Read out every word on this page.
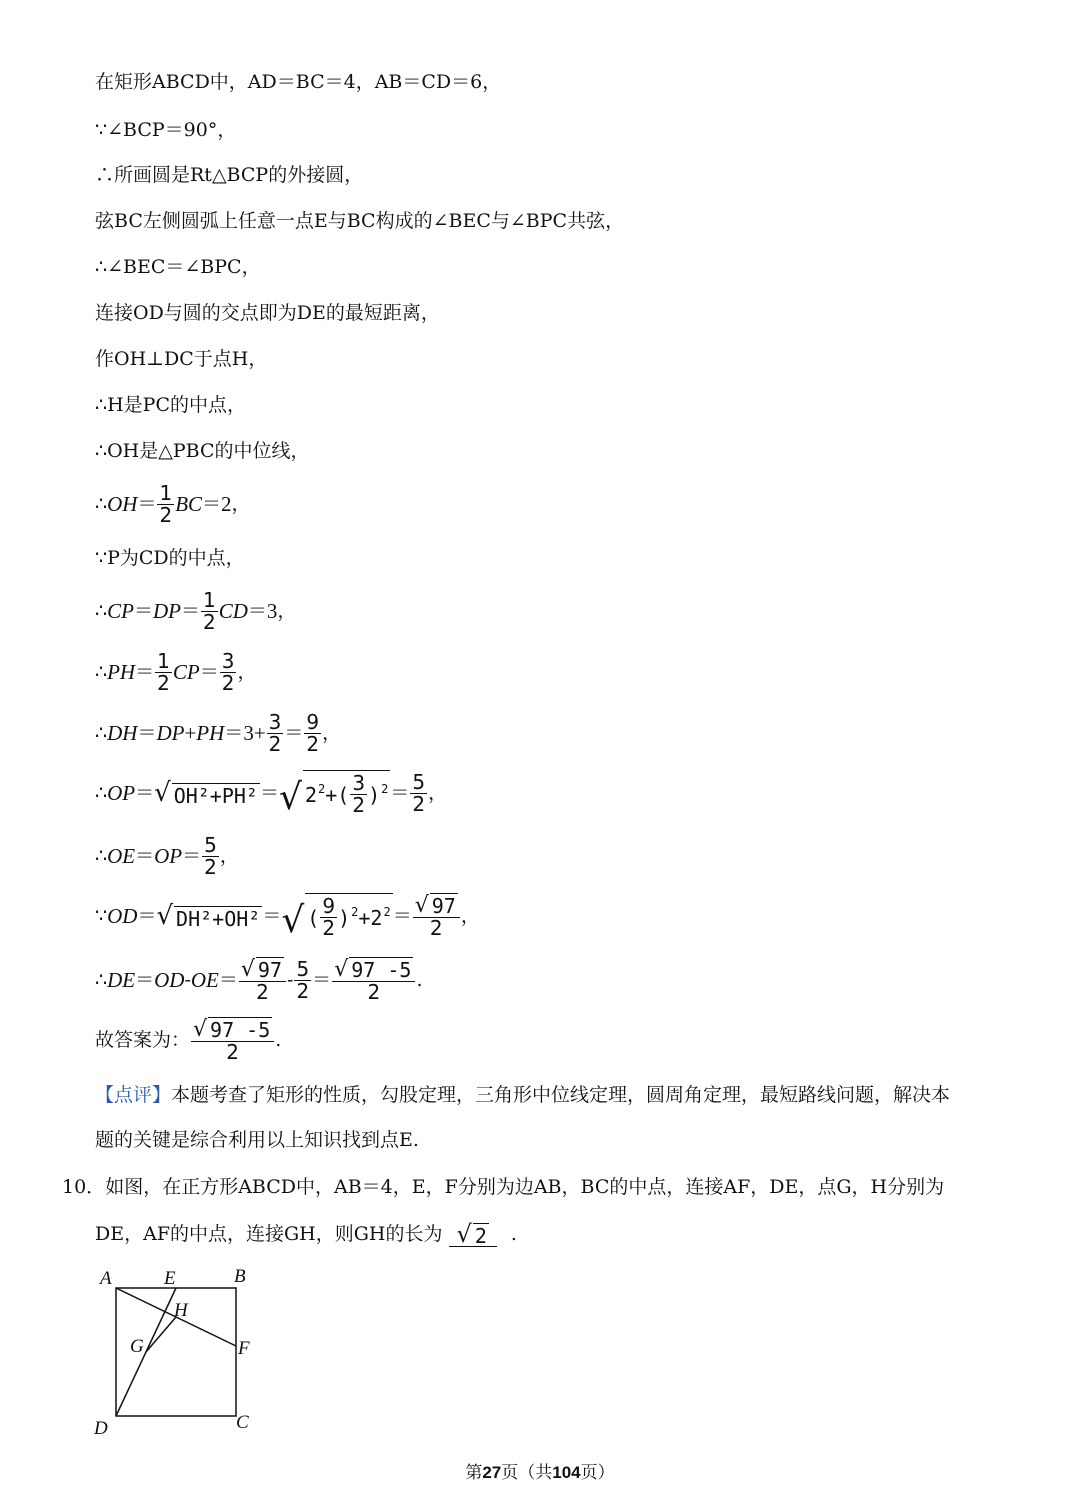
在矩形ABCD中，AD＝BC＝4，AB＝CD＝6，
∵∠BCP＝90°，
∴所画圆是Rt△BCP的外接圆，
弦BC左侧圆弧上任意一点E与BC构成的∠BEC与∠BPC共弦，
∴∠BEC＝∠BPC，
连接OD与圆的交点即为DE的最短距离，
作OH⊥DC于点H，
∴H是PC的中点，
∴OH是△PBC的中位线，
∴ OH ＝ $\frac{1}{2}$ BC ＝ 2 ，
∵P为CD的中点，
∴ CP ＝ DP ＝ $\frac{1}{2}$ CD ＝ 3 ，
∴ PH ＝ $\frac{1}{2}$ CP ＝ $\frac{3}{2}$ ，
∴ DH ＝ DP + PH ＝ $3+ \frac{3}{2} = \frac{9}{2}$ ，
∴ OP ＝ √ OH²+PH² ＝ √ $2^2$ + ( $\frac{3}{2} )^2 = \frac{5}{2}$ ，
∴ OE ＝ OP ＝ $\frac{5}{2}$ ，
∵ OD ＝ √ DH²+OH² ＝ √ ( $\frac{9}{2} )^2 + 2^2 = \frac{√ 97}{2}$ ，
∴ DE ＝ OD - OE ＝ $\frac{√ 97}{2} - \frac{5}{2} = \frac{√ 97 -5}{2}$ .
故答案为： $\frac{√ 97 -5}{2}$ .
【点评】 本题考查了矩形的性质，勾股定理，三角形中位线定理，圆周角定理，最短路线问题，解决本
题的关键是综合利用以上知识找到点E.
10． 如图，在正方形ABCD中，AB＝4，E，F分别为边AB，BC的中点，连接AF，DE，点G，H分别为
DE，AF的中点，连接GH，则GH的长为 √ 2 .
A	E	B
H
G	F
D	C
第27页（共104页）
